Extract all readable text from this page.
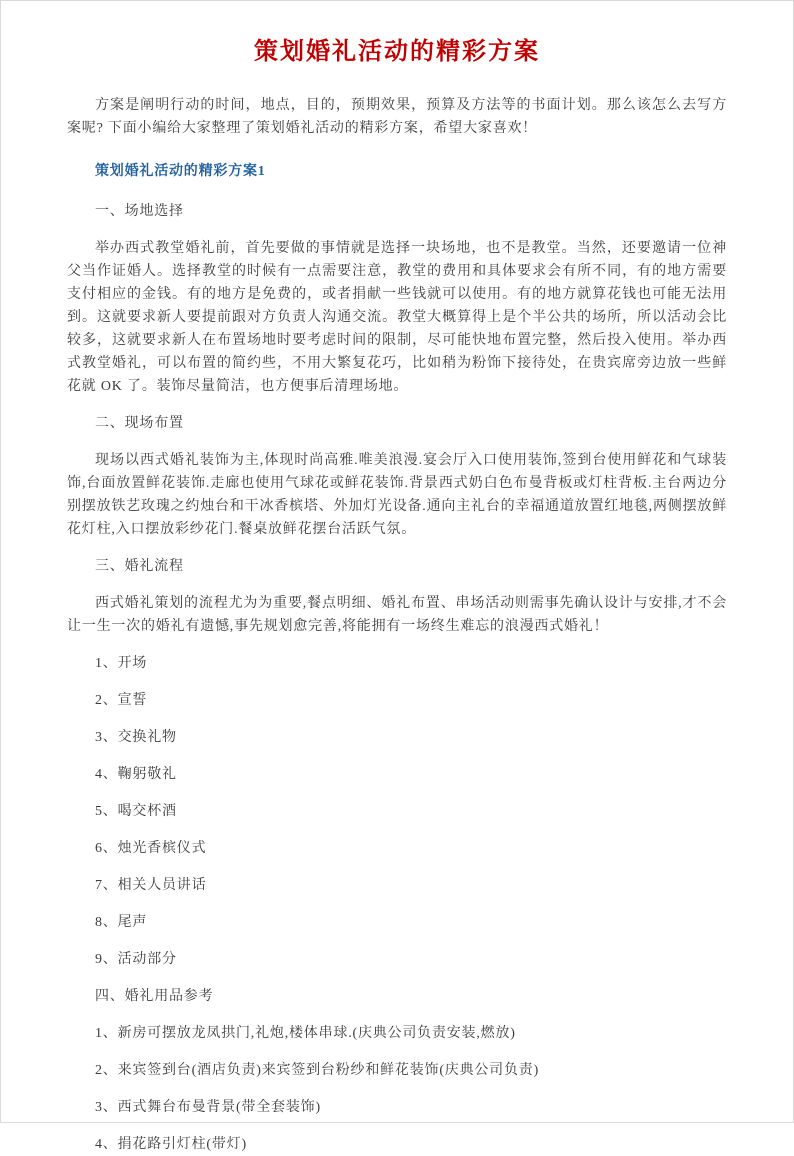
策划婚礼活动的精彩方案

方案是阐明行动的时间，地点，目的，预期效果，预算及方法等的书面计划。那么该怎么去写方案呢? 下面小编给大家整理了策划婚礼活动的精彩方案，希望大家喜欢！

策划婚礼活动的精彩方案1

一、场地选择

举办西式教堂婚礼前，首先要做的事情就是选择一块场地，也不是教堂。当然，还要邀请一位神父当作证婚人。选择教堂的时候有一点需要注意，教堂的费用和具体要求会有所不同，有的地方需要支付相应的金钱。有的地方是免费的，或者捐献一些钱就可以使用。有的地方就算花钱也可能无法用到。这就要求新人要提前跟对方负责人沟通交流。教堂大概算得上是个半公共的场所，所以活动会比较多，这就要求新人在布置场地时要考虑时间的限制，尽可能快地布置完整，然后投入使用。举办西式教堂婚礼，可以布置的简约些，不用大繁复花巧，比如稍为粉饰下接待处，在贵宾席旁边放一些鲜花就 OK 了。装饰尽量简洁，也方便事后清理场地。

二、现场布置

现场以西式婚礼装饰为主,体现时尚高雅.唯美浪漫.宴会厅入口使用装饰,签到台使用鲜花和气球装饰,台面放置鲜花装饰.走廊也使用气球花或鲜花装饰.背景西式奶白色布曼背板或灯柱背板.主台两边分别摆放铁艺玫瑰之约烛台和干冰香槟塔、外加灯光设备.通向主礼台的幸福通道放置红地毯,两侧摆放鲜花灯柱,入口摆放彩纱花门.餐桌放鲜花摆台活跃气氛。

三、婚礼流程

西式婚礼策划的流程尤为为重要,餐点明细、婚礼布置、串场活动则需事先确认设计与安排,才不会让一生一次的婚礼有遗憾,事先规划愈完善,将能拥有一场终生难忘的浪漫西式婚礼！

1、开场

2、宣誓

3、交换礼物

4、鞠躬敬礼

5、喝交杯酒

6、烛光香槟仪式

7、相关人员讲话

8、尾声

9、活动部分

四、婚礼用品参考

1、新房可摆放龙凤拱门,礼炮,楼体串球.(庆典公司负责安装,燃放)

2、来宾签到台(酒店负责)来宾签到台粉纱和鲜花装饰(庆典公司负责)

3、西式舞台布曼背景(带全套装饰)

4、捐花路引灯柱(带灯)
